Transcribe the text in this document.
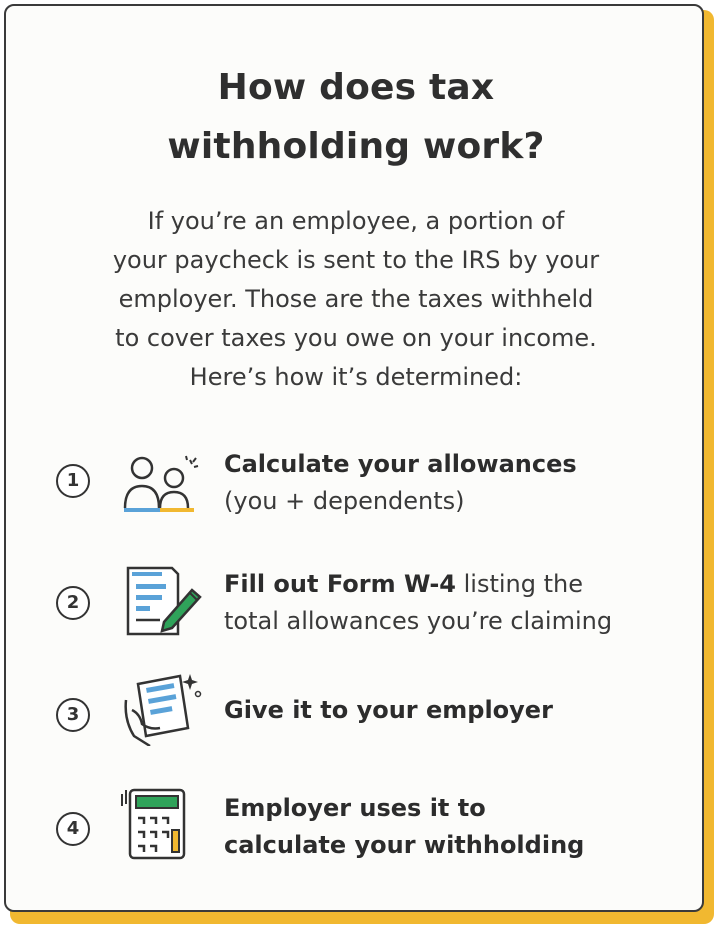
How does tax
withholding work?

If you’re an employee, a portion of
your paycheck is sent to the IRS by your
employer. Those are the taxes withheld
to cover taxes you owe on your income.
Here’s how it’s determined:

1
Calculate your allowances
(you + dependents)
2
Fill out Form W-4 listing the
total allowances you’re claiming
3	Give it to your employer
4
Employer uses it to
calculate your withholding
